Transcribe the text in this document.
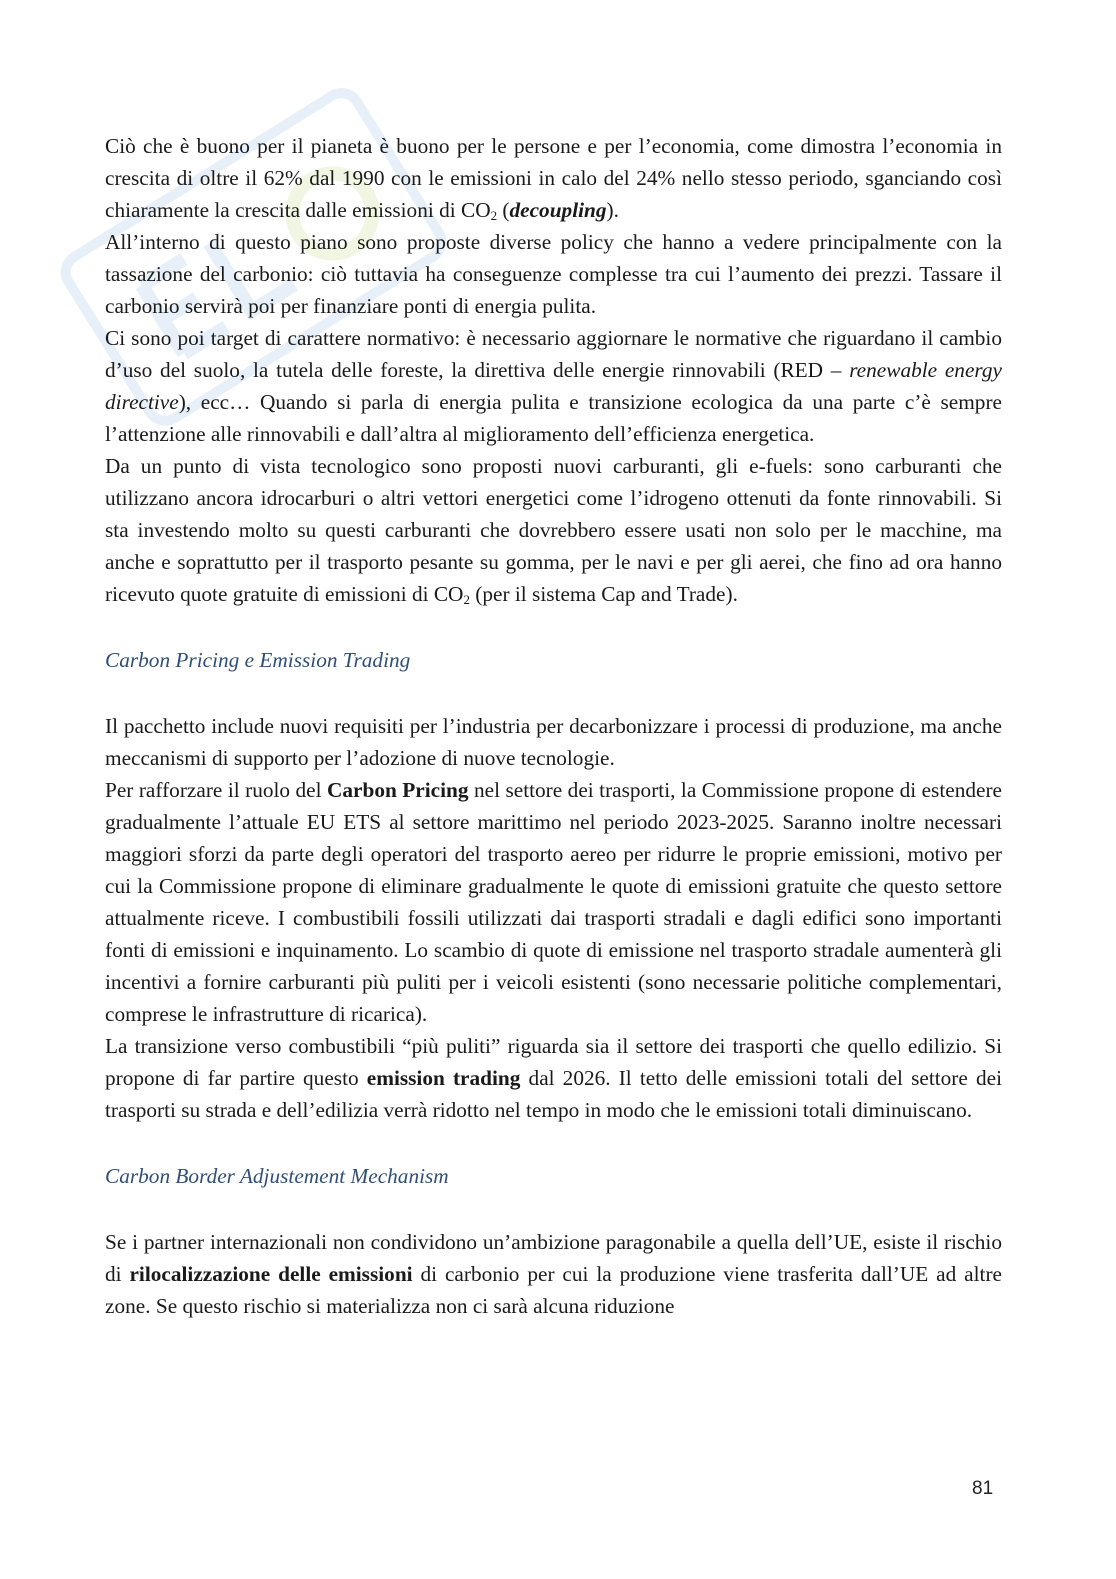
Ciò che è buono per il pianeta è buono per le persone e per l’economia, come dimostra l’economia in crescita di oltre il 62% dal 1990 con le emissioni in calo del 24% nello stesso periodo, sganciando così chiaramente la crescita dalle emissioni di $CO_2$ (decoupling).

All’interno di questo piano sono proposte diverse policy che hanno a vedere principalmente con la tassazione del carbonio: ciò tuttavia ha conseguenze complesse tra cui l’aumento dei prezzi. Tassare il carbonio servirà poi per finanziare ponti di energia pulita.

Ci sono poi target di carattere normativo: è necessario aggiornare le normative che riguardano il cambio d’uso del suolo, la tutela delle foreste, la direttiva delle energie rinnovabili (RED – renewable energy directive), ecc… Quando si parla di energia pulita e transizione ecologica da una parte c’è sempre l’attenzione alle rinnovabili e dall’altra al miglioramento dell’efficienza energetica.

Da un punto di vista tecnologico sono proposti nuovi carburanti, gli e-fuels: sono carburanti che utilizzano ancora idrocarburi o altri vettori energetici come l’idrogeno ottenuti da fonte rinnovabili. Si sta investendo molto su questi carburanti che dovrebbero essere usati non solo per le macchine, ma anche e soprattutto per il trasporto pesante su gomma, per le navi e per gli aerei, che fino ad ora hanno ricevuto quote gratuite di emissioni di $CO_2$ (per il sistema Cap and Trade).

Carbon Pricing e Emission Trading

Il pacchetto include nuovi requisiti per l’industria per decarbonizzare i processi di produzione, ma anche meccanismi di supporto per l’adozione di nuove tecnologie.

Per rafforzare il ruolo del Carbon Pricing nel settore dei trasporti, la Commissione propone di estendere gradualmente l’attuale EU ETS al settore marittimo nel periodo 2023-2025. Saranno inoltre necessari maggiori sforzi da parte degli operatori del trasporto aereo per ridurre le proprie emissioni, motivo per cui la Commissione propone di eliminare gradualmente le quote di emissioni gratuite che questo settore attualmente riceve. I combustibili fossili utilizzati dai trasporti stradali e dagli edifici sono importanti fonti di emissioni e inquinamento. Lo scambio di quote di emissione nel trasporto stradale aumenterà gli incentivi a fornire carburanti più puliti per i veicoli esistenti (sono necessarie politiche complementari, comprese le infrastrutture di ricarica).

La transizione verso combustibili “più puliti” riguarda sia il settore dei trasporti che quello edilizio. Si propone di far partire questo emission trading dal 2026. Il tetto delle emissioni totali del settore dei trasporti su strada e dell’edilizia verrà ridotto nel tempo in modo che le emissioni totali diminuiscano.

Carbon Border Adjustement Mechanism

Se i partner internazionali non condividono un’ambizione paragonabile a quella dell’UE, esiste il rischio di rilocalizzazione delle emissioni di carbonio per cui la produzione viene trasferita dall’UE ad altre zone. Se questo rischio si materializza non ci sarà alcuna riduzione

81
